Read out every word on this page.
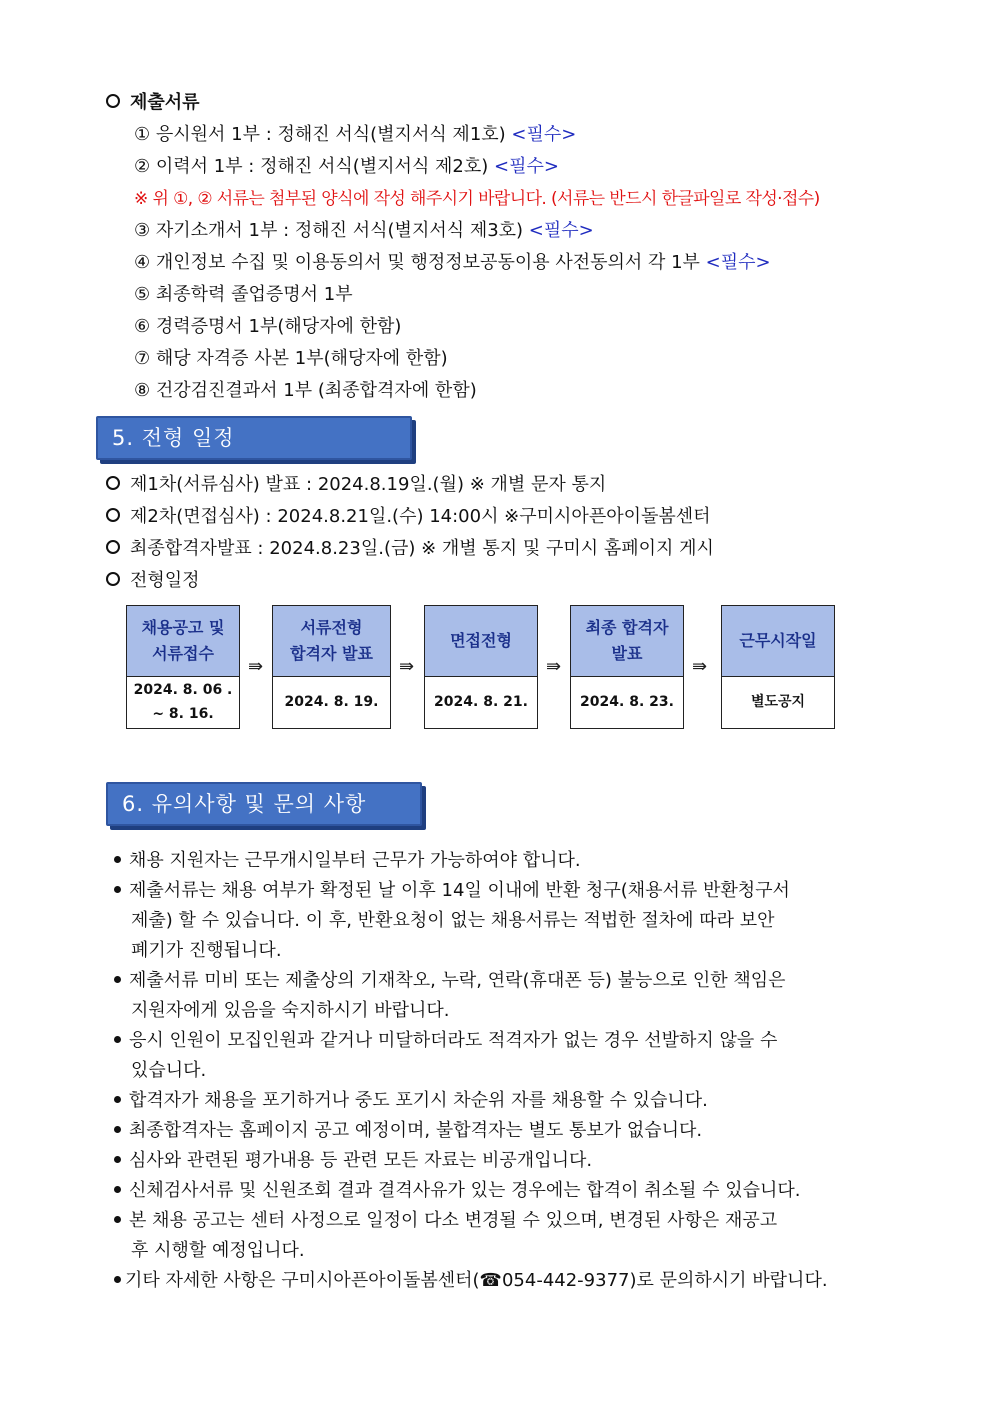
제출서류
① 응시원서 1부 : 정해진 서식(별지서식 제1호) <필수>
② 이력서 1부 : 정해진 서식(별지서식 제2호) <필수>
※ 위 ①, ② 서류는 첨부된 양식에 작성 해주시기 바랍니다. (서류는 반드시 한글파일로 작성·접수)
③ 자기소개서 1부 : 정해진 서식(별지서식 제3호) <필수>
④ 개인정보 수집 및 이용동의서 및 행정정보공동이용 사전동의서 각 1부 <필수>
⑤ 최종학력 졸업증명서 1부
⑥ 경력증명서 1부(해당자에 한함)
⑦ 해당 자격증 사본 1부(해당자에 한함)
⑧ 건강검진결과서 1부 (최종합격자에 한함)
5. 전형 일정
제1차(서류심사) 발표 : 2024.8.19일.(월) ※ 개별 문자 통지
제2차(면접심사) : 2024.8.21일.(수) 14:00시 ※구미시아픈아이돌봄센터
최종합격자발표 : 2024.8.23일.(금) ※ 개별 통지 및 구미시 홈페이지 게시
전형일정
채용공고 및
서류접수
2024. 8. 06 .
~ 8. 16.
⇛
서류전형
합격자 발표
2024. 8. 19.
⇛
면접전형
2024. 8. 21.
⇛
최종 합격자
발표
2024. 8. 23.
⇛
근무시작일
별도공지
6. 유의사항 및 문의 사항
채용 지원자는 근무개시일부터 근무가 가능하여야 합니다.
제출서류는 채용 여부가 확정된 날 이후 14일 이내에 반환 청구(채용서류 반환청구서
제출) 할 수 있습니다. 이 후, 반환요청이 없는 채용서류는 적법한 절차에 따라 보안
폐기가 진행됩니다.
제출서류 미비 또는 제출상의 기재착오, 누락, 연락(휴대폰 등) 불능으로 인한 책임은
지원자에게 있음을 숙지하시기 바랍니다.
응시 인원이 모집인원과 같거나 미달하더라도 적격자가 없는 경우 선발하지 않을 수
있습니다.
합격자가 채용을 포기하거나 중도 포기시 차순위 자를 채용할 수 있습니다.
최종합격자는 홈페이지 공고 예정이며, 불합격자는 별도 통보가 없습니다.
심사와 관련된 평가내용 등 관련 모든 자료는 비공개입니다.
신체검사서류 및 신원조회 결과 결격사유가 있는 경우에는 합격이 취소될 수 있습니다.
본 채용 공고는 센터 사정으로 일정이 다소 변경될 수 있으며, 변경된 사항은 재공고
후 시행할 예정입니다.
기타 자세한 사항은 구미시아픈아이돌봄센터(☎054-442-9377)로 문의하시기 바랍니다.
